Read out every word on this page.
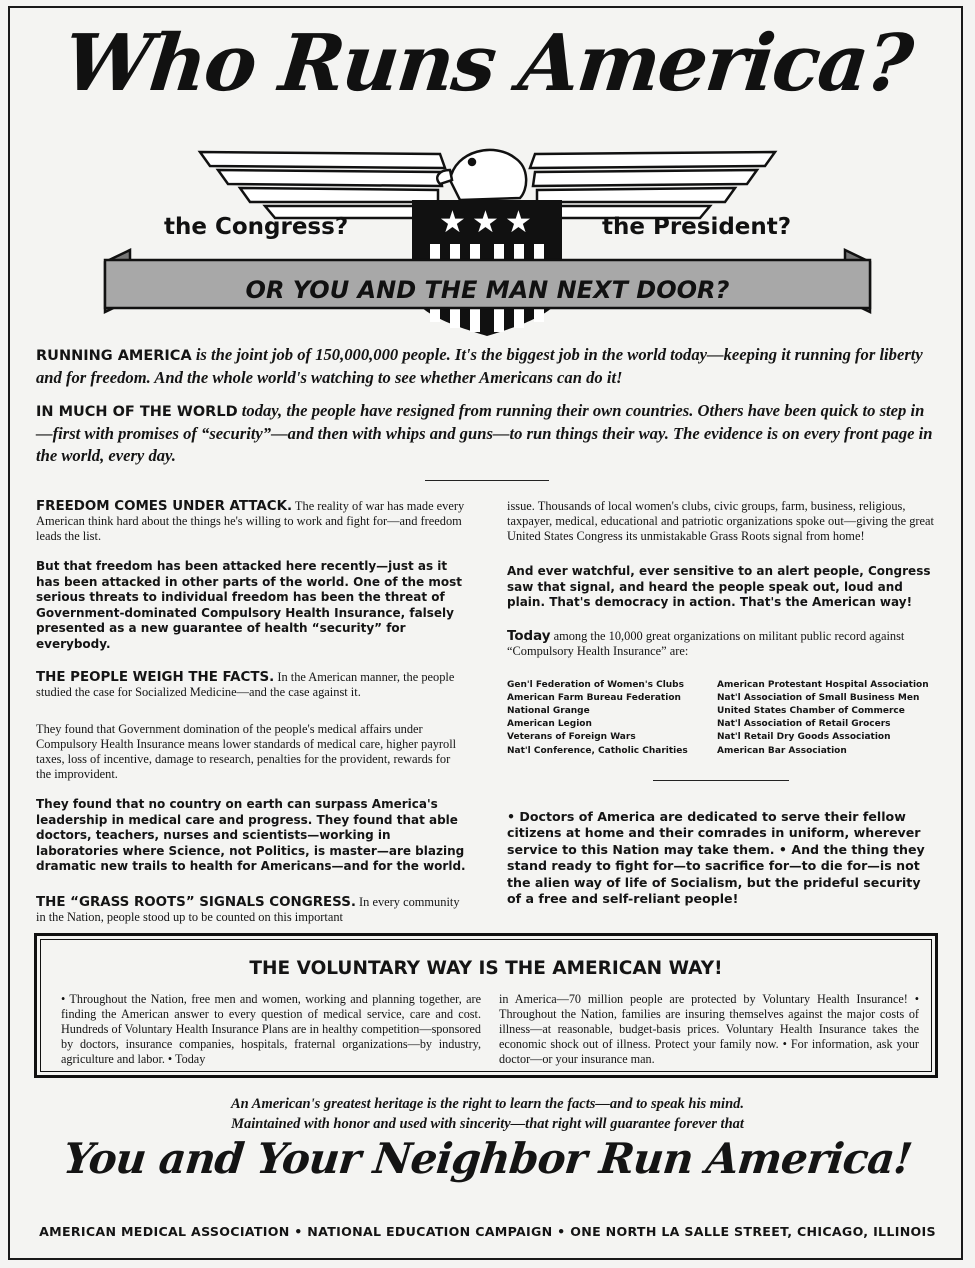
Who Runs America?
★ ★ ★
the Congress?	the President?
OR YOU AND THE MAN NEXT DOOR?
RUNNING AMERICA is the joint job of 150,000,000 people. It's the biggest job in the world today—keeping it running for liberty and for freedom. And the whole world's watching to see whether Americans can do it!
IN MUCH OF THE WORLD today, the people have resigned from running their own countries. Others have been quick to step in—first with promises of “security”—and then with whips and guns—to run things their way. The evidence is on every front page in the world, every day.

FREEDOM COMES UNDER ATTACK. The reality of war has made every American think hard about the things he's willing to work and fight for—and freedom leads the list.

But that freedom has been attacked here recently—just as it has been attacked in other parts of the world. One of the most serious threats to individual freedom has been the threat of Government-dominated Compulsory Health Insurance, falsely presented as a new guarantee of health “security” for everybody.

THE PEOPLE WEIGH THE FACTS. In the American manner, the people studied the case for Socialized Medicine—and the case against it.

They found that Government domination of the people's medical affairs under Compulsory Health Insurance means lower standards of medical care, higher payroll taxes, loss of incentive, damage to research, penalties for the provident, rewards for the improvident.

They found that no country on earth can surpass America's leadership in medical care and progress. They found that able doctors, teachers, nurses and scientists—working in laboratories where Science, not Politics, is master—are blazing dramatic new trails to health for Americans—and for the world.

THE “GRASS ROOTS” SIGNALS CONGRESS. In every community in the Nation, people stood up to be counted on this important

issue. Thousands of local women's clubs, civic groups, farm, business, religious, taxpayer, medical, educational and patriotic organizations spoke out—giving the great United States Congress its unmistakable Grass Roots signal from home!

And ever watchful, ever sensitive to an alert people, Congress saw that signal, and heard the people speak out, loud and plain. That's democracy in action. That's the American way!

Today among the 10,000 great organizations on militant public record against “Compulsory Health Insurance” are:

Gen'l Federation of Women's Clubs
American Farm Bureau Federation
National Grange
American Legion
Veterans of Foreign Wars
Nat'l Conference, Catholic Charities
American Protestant Hospital Association
Nat'l Association of Small Business Men
United States Chamber of Commerce
Nat'l Association of Retail Grocers
Nat'l Retail Dry Goods Association
American Bar Association

• Doctors of America are dedicated to serve their fellow citizens at home and their comrades in uniform, wherever service to this Nation may take them. • And the thing they stand ready to fight for—to sacrifice for—to die for—is not the alien way of life of Socialism, but the prideful security of a free and self-reliant people!

THE VOLUNTARY WAY IS THE AMERICAN WAY!
• Throughout the Nation, free men and women, working and planning together, are finding the American answer to every question of medical service, care and cost. Hundreds of Voluntary Health Insurance Plans are in healthy competition—sponsored by doctors, insurance companies, hospitals, fraternal organizations—by industry, agriculture and labor. • Today
in America—70 million people are protected by Voluntary Health Insurance! • Throughout the Nation, families are insuring themselves against the major costs of illness—at reasonable, budget-basis prices. Voluntary Health Insurance takes the economic shock out of illness. Protect your family now. • For information, ask your doctor—or your insurance man.
An American's greatest heritage is the right to learn the facts—and to speak his mind.
Maintained with honor and used with sincerity—that right will guarantee forever that
You and Your Neighbor Run America!
AMERICAN MEDICAL ASSOCIATION • NATIONAL EDUCATION CAMPAIGN • ONE NORTH LA SALLE STREET, CHICAGO, ILLINOIS
